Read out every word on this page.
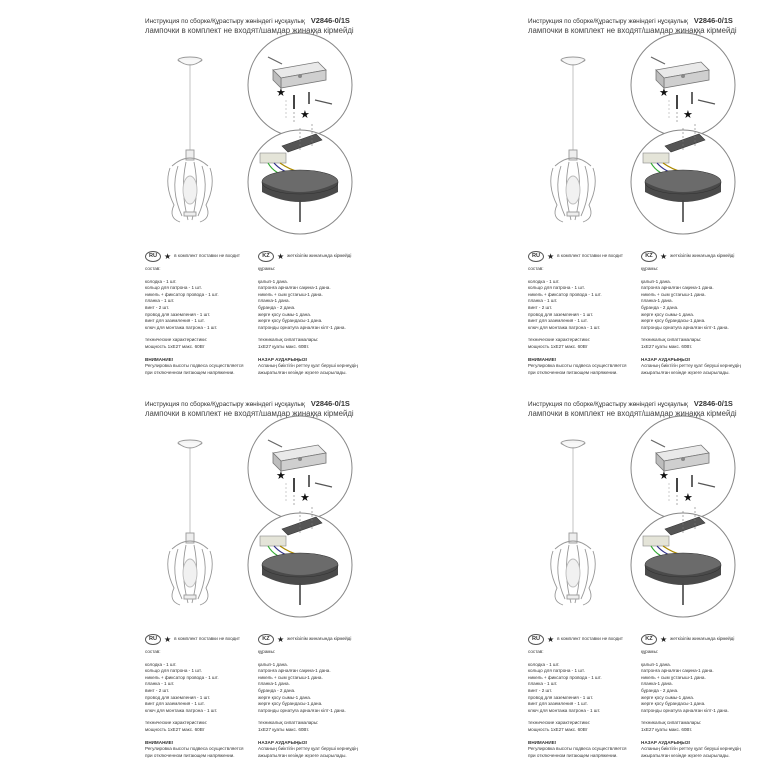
★
★
Инструкция по сборке/Құрастыру жөніндегі нұсқаулық V2846-0/1S
лампочки в комплект не входят/шамдар жинаққа кірмейді
RU ★ в комплект поставки не входит
состав:
колодка - 1 шт.
кольцо для патрона - 1 шт.
никель + фиксатор провода - 1 шт.
планка - 1 шт.
винт - 2 шт.
провод для заземления - 1 шт.
винт для заземления - 1 шт.
ключ для монтажа патрона - 1 шт.
технические характеристики:
мощность 1хE27 макс. 60Вт
ВНИМАНИЕ!
Регулировка высоты подвеса осуществляется
при отключенном питающем напряжении.
KZ ★ жеткізілім жинағында кірмейді
құрамы:
қалып-1 дана.
патронға арналған сақина-1 дана.
никель + сым ұстағыш-1 дана.
планка-1 дана.
бұранда - 2 дана.
жерге қосу сымы-1 дана.
жерге қосу бұрандасы-1 дана.
патронды орнатуға арналған кілт-1 дана.
техникалық сипаттамалары:
1хE27 қуаты макс. 60Вт.
НАЗАР АУДАРЫҢЫЗ!
Аспаның биіктігін реттеу қуат беруші кернеудің
ажыратылған кезінде жүзеге асырылады.
★
★
Инструкция по сборке/Құрастыру жөніндегі нұсқаулық V2846-0/1S
лампочки в комплект не входят/шамдар жинаққа кірмейді
RU ★ в комплект поставки не входит
состав:
колодка - 1 шт.
кольцо для патрона - 1 шт.
никель + фиксатор провода - 1 шт.
планка - 1 шт.
винт - 2 шт.
провод для заземления - 1 шт.
винт для заземления - 1 шт.
ключ для монтажа патрона - 1 шт.
технические характеристики:
мощность 1хE27 макс. 60Вт
ВНИМАНИЕ!
Регулировка высоты подвеса осуществляется
при отключенном питающем напряжении.
KZ ★ жеткізілім жинағында кірмейді
құрамы:
қалып-1 дана.
патронға арналған сақина-1 дана.
никель + сым ұстағыш-1 дана.
планка-1 дана.
бұранда - 2 дана.
жерге қосу сымы-1 дана.
жерге қосу бұрандасы-1 дана.
патронды орнатуға арналған кілт-1 дана.
техникалық сипаттамалары:
1хE27 қуаты макс. 60Вт.
НАЗАР АУДАРЫҢЫЗ!
Аспаның биіктігін реттеу қуат беруші кернеудің
ажыратылған кезінде жүзеге асырылады.
★
★
Инструкция по сборке/Құрастыру жөніндегі нұсқаулық V2846-0/1S
лампочки в комплект не входят/шамдар жинаққа кірмейді
RU ★ в комплект поставки не входит
состав:
колодка - 1 шт.
кольцо для патрона - 1 шт.
никель + фиксатор провода - 1 шт.
планка - 1 шт.
винт - 2 шт.
провод для заземления - 1 шт.
винт для заземления - 1 шт.
ключ для монтажа патрона - 1 шт.
технические характеристики:
мощность 1хE27 макс. 60Вт
ВНИМАНИЕ!
Регулировка высоты подвеса осуществляется
при отключенном питающем напряжении.
KZ ★ жеткізілім жинағында кірмейді
құрамы:
қалып-1 дана.
патронға арналған сақина-1 дана.
никель + сым ұстағыш-1 дана.
планка-1 дана.
бұранда - 2 дана.
жерге қосу сымы-1 дана.
жерге қосу бұрандасы-1 дана.
патронды орнатуға арналған кілт-1 дана.
техникалық сипаттамалары:
1хE27 қуаты макс. 60Вт.
НАЗАР АУДАРЫҢЫЗ!
Аспаның биіктігін реттеу қуат беруші кернеудің
ажыратылған кезінде жүзеге асырылады.
★
★
Инструкция по сборке/Құрастыру жөніндегі нұсқаулық V2846-0/1S
лампочки в комплект не входят/шамдар жинаққа кірмейді
RU ★ в комплект поставки не входит
состав:
колодка - 1 шт.
кольцо для патрона - 1 шт.
никель + фиксатор провода - 1 шт.
планка - 1 шт.
винт - 2 шт.
провод для заземления - 1 шт.
винт для заземления - 1 шт.
ключ для монтажа патрона - 1 шт.
технические характеристики:
мощность 1хE27 макс. 60Вт
ВНИМАНИЕ!
Регулировка высоты подвеса осуществляется
при отключенном питающем напряжении.
KZ ★ жеткізілім жинағында кірмейді
құрамы:
қалып-1 дана.
патронға арналған сақина-1 дана.
никель + сым ұстағыш-1 дана.
планка-1 дана.
бұранда - 2 дана.
жерге қосу сымы-1 дана.
жерге қосу бұрандасы-1 дана.
патронды орнатуға арналған кілт-1 дана.
техникалық сипаттамалары:
1хE27 қуаты макс. 60Вт.
НАЗАР АУДАРЫҢЫЗ!
Аспаның биіктігін реттеу қуат беруші кернеудің
ажыратылған кезінде жүзеге асырылады.
